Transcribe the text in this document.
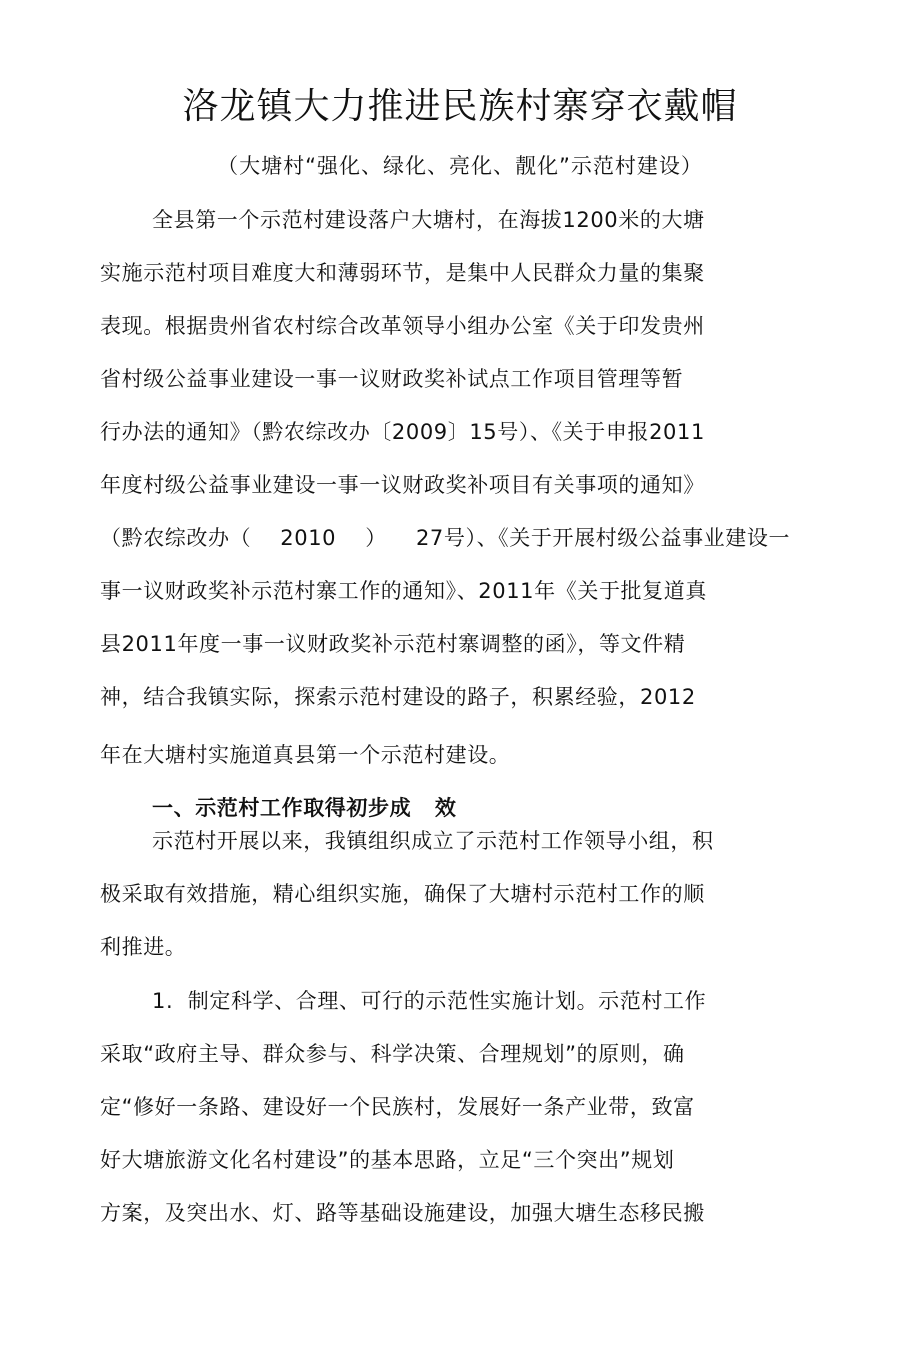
洛龙镇大力推进民族村寨穿衣戴帽
（大塘村“强化、绿化、亮化、靓化”示范村建设）
全县第一个示范村建设落户大塘村，在海拔1200米的大塘
实施示范村项目难度大和薄弱环节，是集中人民群众力量的集聚
表现。根据贵州省农村综合改革领导小组办公室《关于印发贵州
省村级公益事业建设一事一议财政奖补试点工作项目管理等暂
行办法的通知》（黔农综改办〔2009〕15号）、《关于申报2011
年度村级公益事业建设一事一议财政奖补项目有关事项的通知》
（黔农综改办（    2010    ）    27号）、《关于开展村级公益事业建设一
事一议财政奖补示范村寨工作的通知》、2011年《关于批复道真
县2011年度一事一议财政奖补示范村寨调整的函》，等文件精
神，结合我镇实际，探索示范村建设的路子，积累经验，2012
年在大塘村实施道真县第一个示范村建设。
一、示范村工作取得初步成   效
示范村开展以来，我镇组织成立了示范村工作领导小组，积
极采取有效措施，精心组织实施，确保了大塘村示范村工作的顺
利推进。
1.  制定科学、合理、可行的示范性实施计划。示范村工作
采取“政府主导、群众参与、科学决策、合理规划”的原则，确
定“修好一条路、建设好一个民族村，发展好一条产业带，致富
好大塘旅游文化名村建设”的基本思路，立足“三个突出”规划
方案，及突出水、灯、路等基础设施建设，加强大塘生态移民搬
